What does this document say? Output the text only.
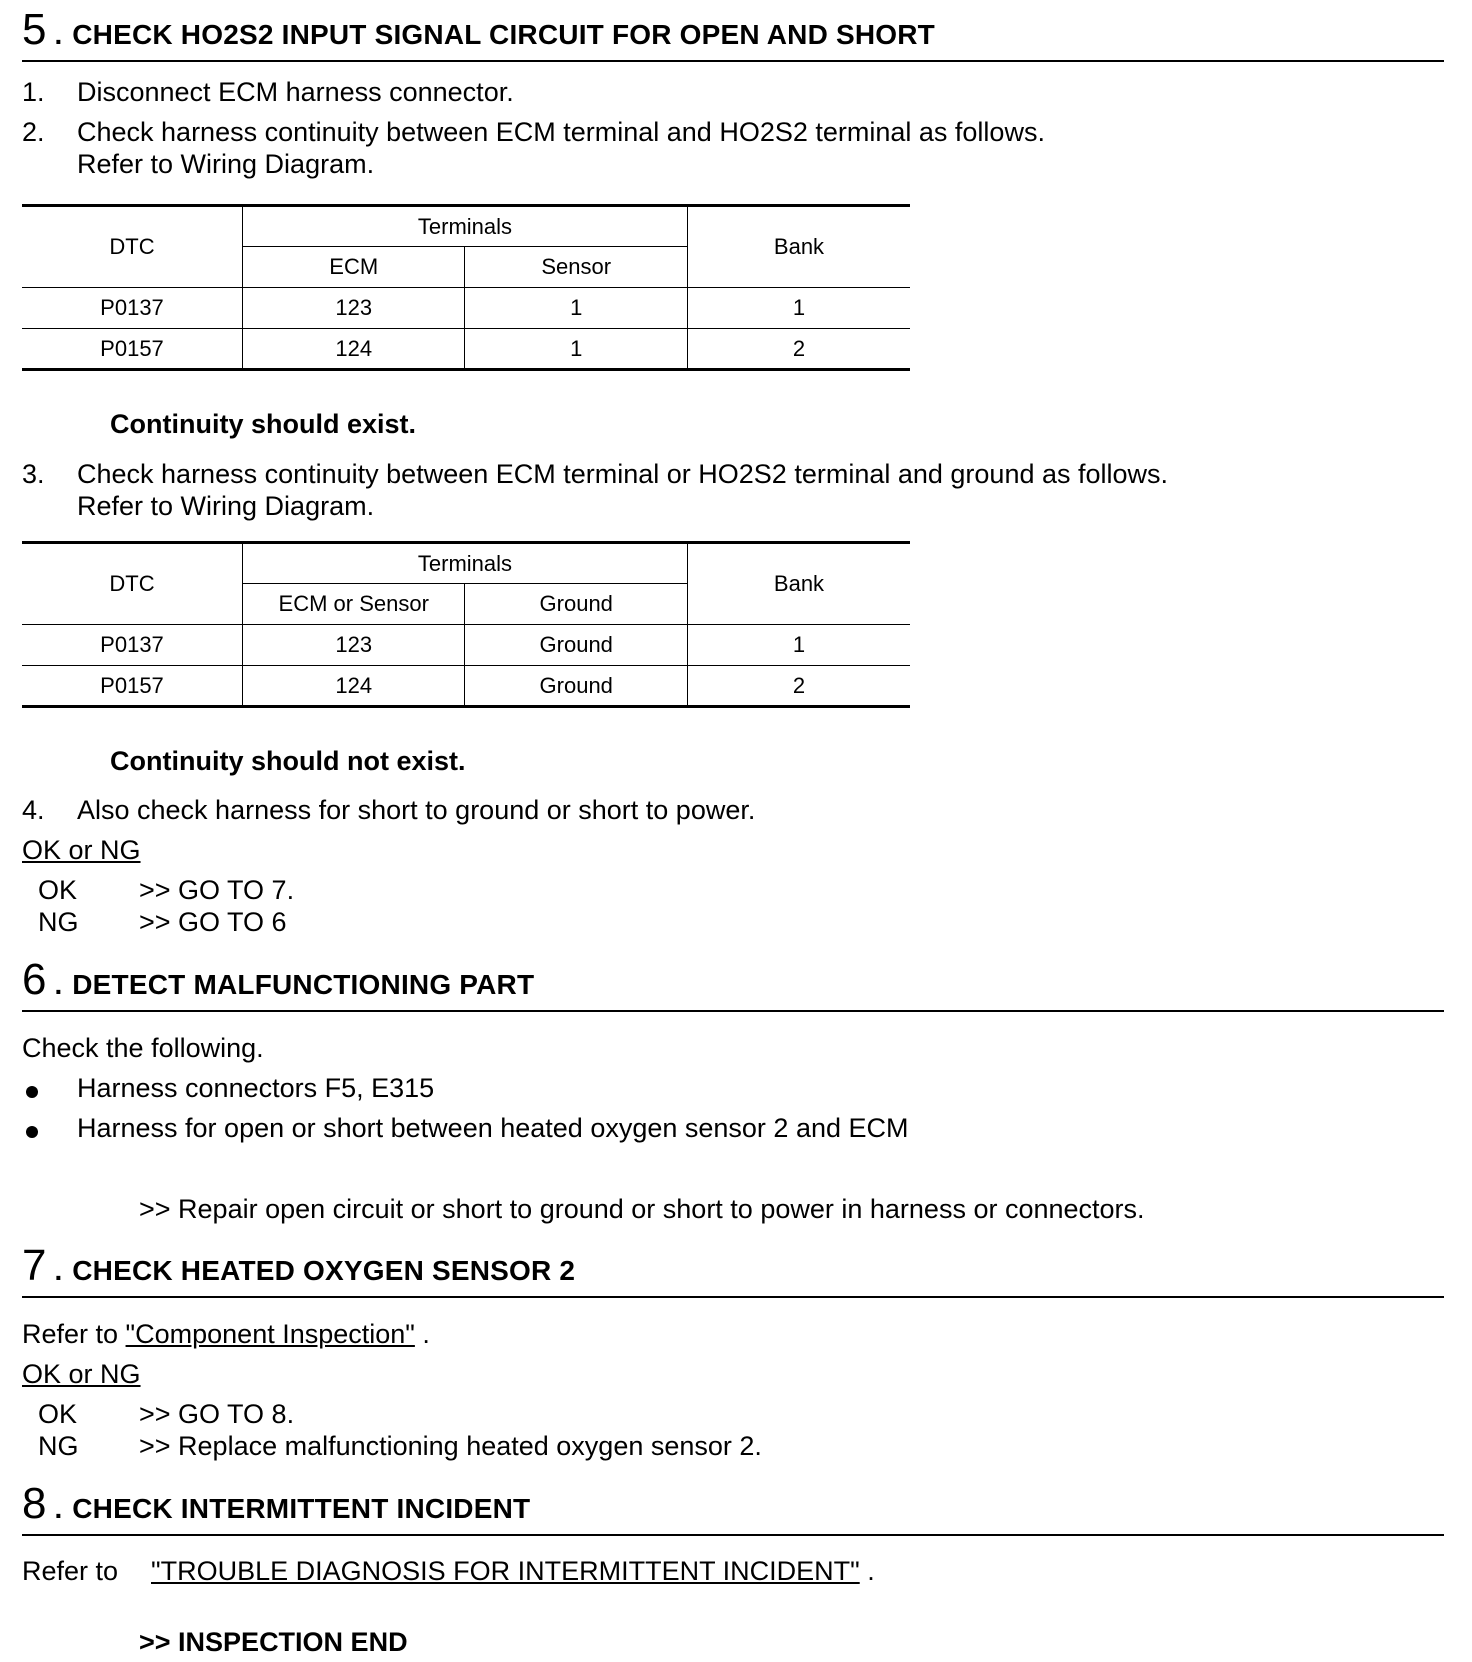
5 . CHECK HO2S2 INPUT SIGNAL CIRCUIT FOR OPEN AND SHORT
1. Disconnect ECM harness connector.
2. Check harness continuity between ECM terminal and HO2S2 terminal as follows.
Refer to Wiring Diagram.
DTC	Terminals		Bank
	ECM	Sensor	
P0137	123	1	1
P0157	124	1	2
Continuity should exist.
3. Check harness continuity between ECM terminal or HO2S2 terminal and ground as follows.
Refer to Wiring Diagram.
DTC	Terminals		Bank
	ECM or Sensor	Ground	
P0137	123	Ground	1
P0157	124	Ground	2
Continuity should not exist.
4. Also check harness for short to ground or short to power.
OK or NG
OK >> GO TO 7.
NG >> GO TO 6
6 . DETECT MALFUNCTIONING PART
Check the following.
Harness connectors F5, E315
Harness for open or short between heated oxygen sensor 2 and ECM
>> Repair open circuit or short to ground or short to power in harness or connectors.
7 . CHECK HEATED OXYGEN SENSOR 2
Refer to "Component Inspection" .
OK or NG
OK >> GO TO 8.
NG >> Replace malfunctioning heated oxygen sensor 2.
8 . CHECK INTERMITTENT INCIDENT
Refer to "TROUBLE DIAGNOSIS FOR INTERMITTENT INCIDENT" .
>> INSPECTION END
